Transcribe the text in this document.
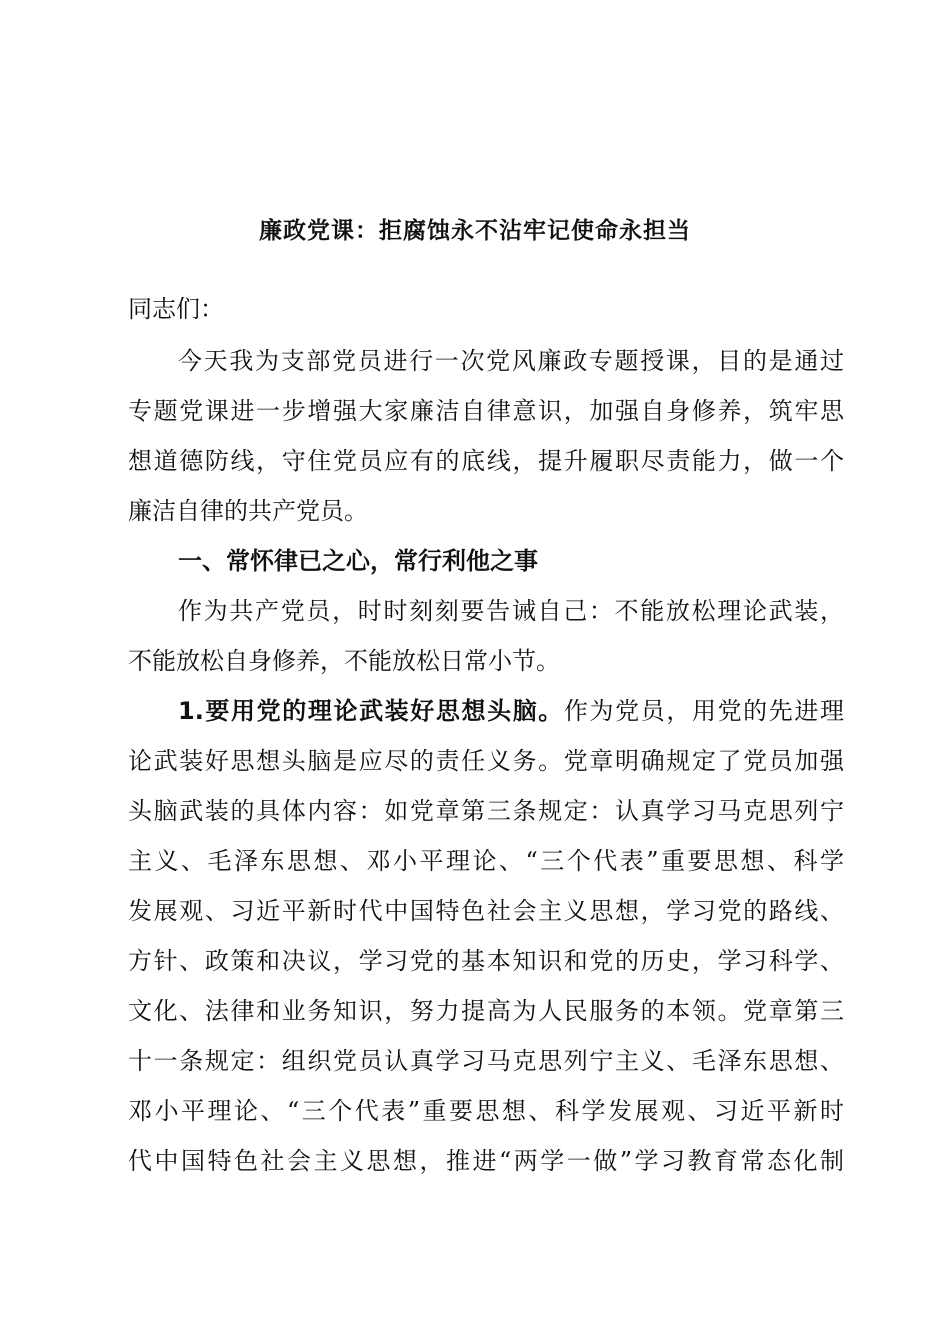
廉政党课：拒腐蚀永不沾牢记使命永担当
同志们：
今天我为支部党员进行一次党风廉政专题授课，目的是通过
专题党课进一步增强大家廉洁自律意识，加强自身修养，筑牢思
想道德防线，守住党员应有的底线，提升履职尽责能力，做一个
廉洁自律的共产党员。
一、常怀律已之心，常行利他之事
作为共产党员，时时刻刻要告诫自己：不能放松理论武装，
不能放松自身修养，不能放松日常小节。
1.要用党的理论武装好思想头脑。作为党员，用党的先进理
论武装好思想头脑是应尽的责任义务。党章明确规定了党员加强
头脑武装的具体内容：如党章第三条规定：认真学习马克思列宁
主义、毛泽东思想、邓小平理论、“三个代表”重要思想、科学
发展观、习近平新时代中国特色社会主义思想，学习党的路线、
方针、政策和决议，学习党的基本知识和党的历史，学习科学、
文化、法律和业务知识，努力提高为人民服务的本领。党章第三
十一条规定：组织党员认真学习马克思列宁主义、毛泽东思想、
邓小平理论、“三个代表”重要思想、科学发展观、习近平新时
代中国特色社会主义思想，推进“两学一做”学习教育常态化制
